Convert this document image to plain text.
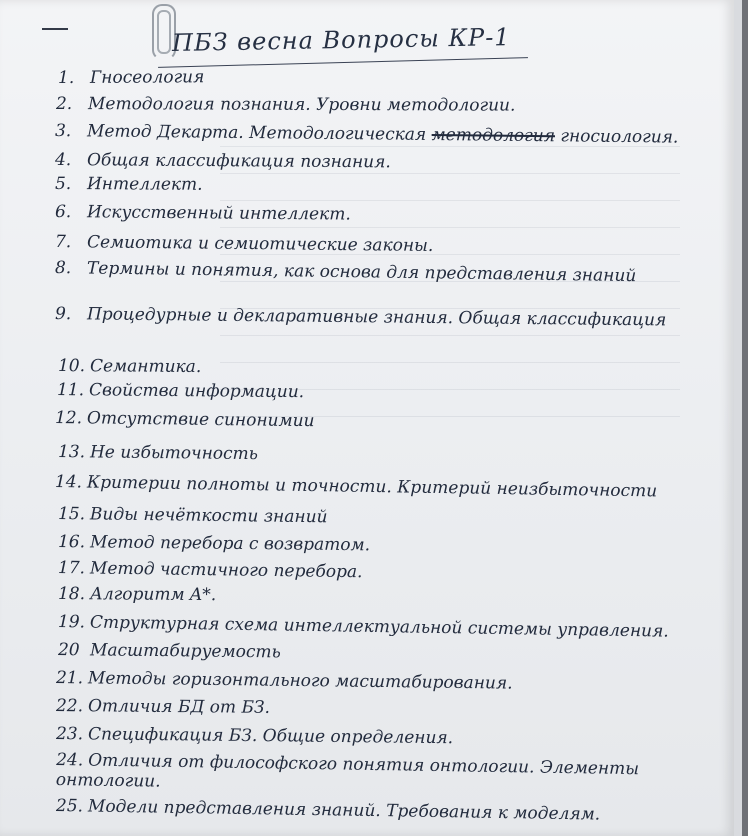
ПБЗ весна Вопросы КР-1
1. Гносеология
2. Методология познания. Уровни методологии.
3. Метод Декарта. Методологическая методология гносиология.
4. Общая классификация познания.
5. Интеллект.
6. Искусственный интеллект.
7. Семиотика и семиотические законы.
8. Термины и понятия, как основа для представления знаний
9. Процедурные и декларативные знания. Общая классификация
10. Семантика.
11. Свойства информации.
12. Отсутствие синонимии
13. Не избыточность
14. Критерии полноты и точности. Критерий неизбыточности
15. Виды нечёткости знаний
16. Метод перебора с возвратом.
17. Метод частичного перебора.
18. Алгоритм A*.
19. Структурная схема интеллектуальной системы управления.
20 Масштабируемость
21. Методы горизонтального масштабирования.
22. Отличия БД от БЗ.
23. Спецификация БЗ. Общие определения.
24. Отличия от философского понятия онтологии. Элементы онтологии.
25. Модели представления знаний. Требования к моделям.
